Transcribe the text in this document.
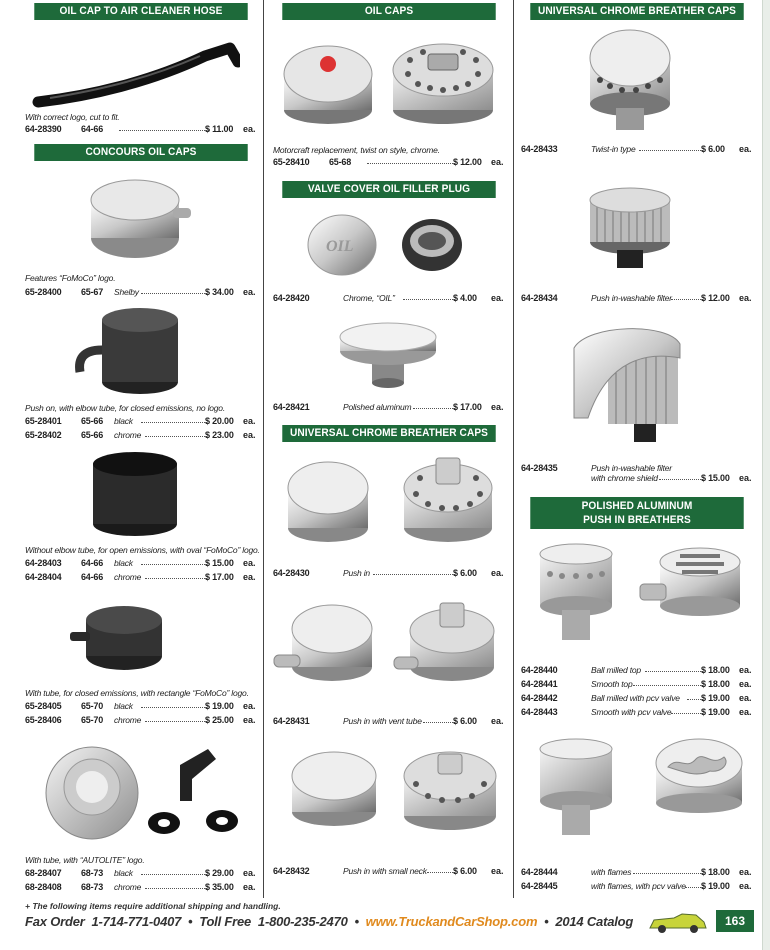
OIL CAP TO AIR CLEANER HOSE
With correct logo, cut to fit.
64-28390 64-66	$ 11.00 ea.
CONCOURS OIL CAPS
Features “FoMoCo” logo.
65-28400 65-67 Shelby	$ 34.00 ea.
Push on, with elbow tube, for closed emissions, no logo.
65-28401 65-66 black	$ 20.00 ea.
65-28402 65-66 chrome	$ 23.00 ea.
Without elbow tube, for open emissions, with oval “FoMoCo” logo.
64-28403 64-66 black	$ 15.00 ea.
64-28404 64-66 chrome	$ 17.00 ea.
With tube, for closed emissions, with rectangle “FoMoCo” logo.
65-28405 65-70 black	$ 19.00 ea.
65-28406 65-70 chrome	$ 25.00 ea.
With tube, with “AUTOLITE” logo.
68-28407 68-73 black	$ 29.00 ea.
68-28408 68-73 chrome	$ 35.00 ea.
OIL CAPS
Motorcraft replacement, twist on style, chrome.
65-28410 65-68	$ 12.00 ea.
VALVE COVER OIL FILLER PLUG
OIL
64-28420	Chrome, “OIL”	$ 4.00 ea.
64-28421	Polished aluminum	$ 17.00 ea.
UNIVERSAL CHROME BREATHER CAPS
64-28430	Push in	$ 6.00 ea.
64-28431	Push in with vent tube	$ 6.00 ea.
64-28432	Push in with small neck	$ 6.00 ea.
UNIVERSAL CHROME BREATHER CAPS
64-28433	Twist-in type	$ 6.00 ea.
64-28434	Push in-washable filter	$ 12.00 ea.
64-28435	Push in-washable filter
with chrome shield	$ 15.00 ea.
POLISHED ALUMINUM
PUSH IN BREATHERS
64-28440	Ball milled top	$ 18.00 ea.
64-28441	Smooth top	$ 18.00 ea.
64-28442	Ball milled with pcv valve $ 19.00 ea.
64-28443	Smooth with pcv valve	$ 19.00 ea.
64-28444	with flames	$ 18.00 ea.
64-28445	with flames, with pcv valve $ 19.00 ea.
+ The following items require additional shipping and handling.
Fax Order 1-714-771-0407 • Toll Free 1-800-235-2470 • www.TruckandCarShop.com • 2014 Catalog	163
